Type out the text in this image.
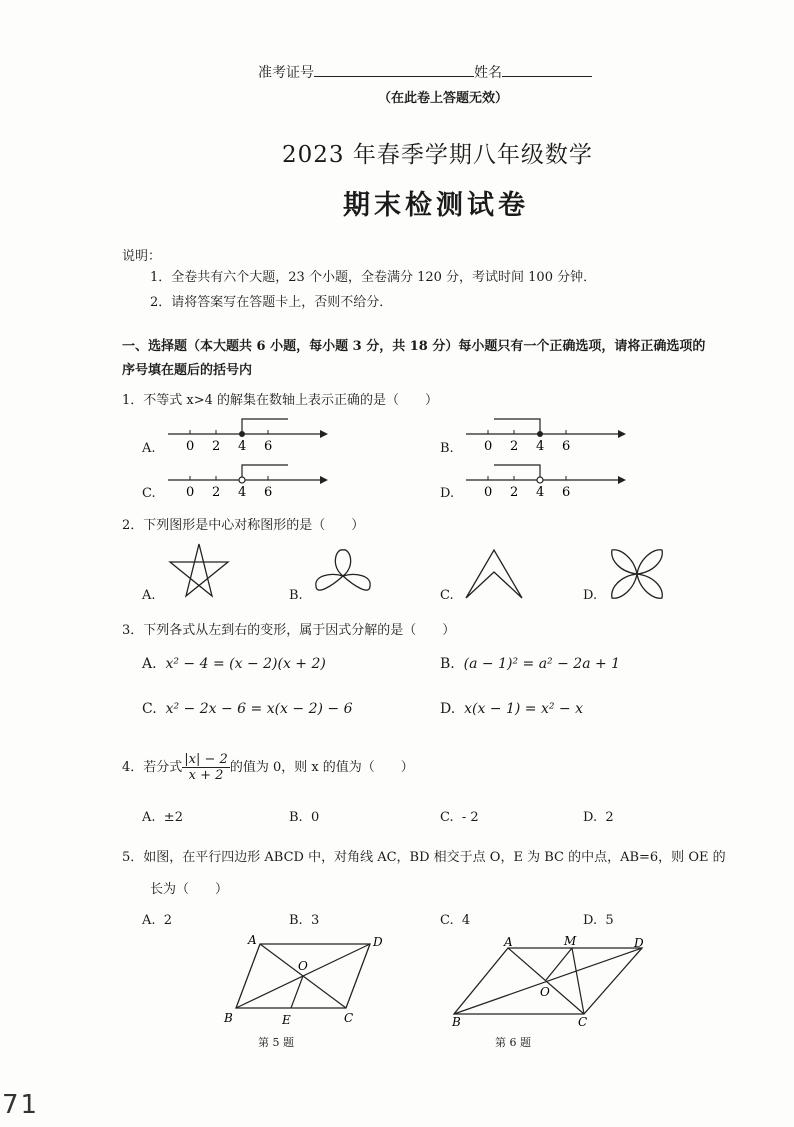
准考证号	姓名
（在此卷上答题无效）
2023 年春季学期八年级数学
期末检测试卷
说明：
1．全卷共有六个大题，23 个小题，全卷满分 120 分，考试时间 100 分钟．
2．请将答案写在答题卡上，否则不给分．
一、选择题（本大题共 6 小题，每小题 3 分，共 18 分）每小题只有一个正确选项，请将正确选项的
序号填在题后的括号内
1．不等式 x>4 的解集在数轴上表示正确的是（　　）
A.	B.
C.	D.
0 2 4 6	0 2 4 6
0 2 4 6	0 2 4 6
2．下列图形是中心对称图形的是（　　）
A.	B.	C.	D.
3．下列各式从左到右的变形，属于因式分解的是（　　）
A. x² − 4 = (x − 2)(x + 2)	B. (a − 1)² = a² − 2a + 1
C. x² − 2x − 6 = x(x − 2) − 6	D. x(x − 1) = x² − x
4．若分式 $\frac{|x| - 2}{x + 2}$ 的值为 0，则 x 的值为（　　）
A. ±2	B. 0	C. - 2	D. 2
5．如图，在平行四边形 ABCD 中，对角线 AC，BD 相交于点 O，E 为 BC 的中点，AB=6，则 OE 的
长为（　　）
A. 2	B. 3	C. 4	D. 5
A	D
B	C
O
E
第 5 题
A	M	D
O
B	C
第 6 题
71
